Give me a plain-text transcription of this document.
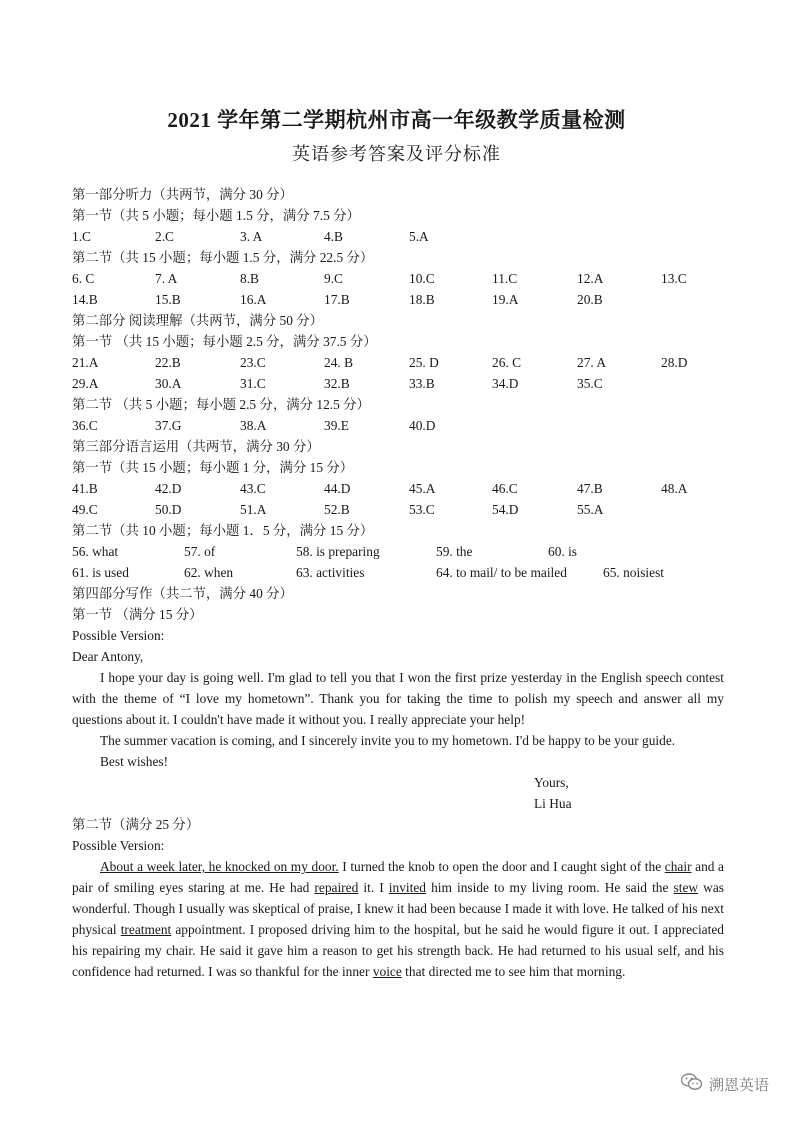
2021 学年第二学期杭州市高一年级教学质量检测
英语参考答案及评分标准
第一部分听力（共两节，满分 30 分）
第一节（共 5 小题；每小题 1.5 分，满分 7.5 分）
1.C	2.C	3. A	4.B	5.A
第二节（共 15 小题；每小题 1.5 分，满分 22.5 分）
6. C	7. A	8.B	9.C	10.C	11.C	12.A	13.C
14.B	15.B	16.A	17.B	18.B	19.A	20.B
第二部分 阅读理解（共两节，满分 50 分）
第一节 （共 15 小题；每小题 2.5 分，满分 37.5 分）
21.A	22.B	23.C	24. B	25. D	26. C	27. A	28.D
29.A	30.A	31.C	32.B	33.B	34.D	35.C
第二节 （共 5 小题；每小题 2.5 分，满分 12.5 分）
36.C	37.G	38.A	39.E	40.D
第三部分语言运用（共两节，满分 30 分）
第一节（共 15 小题；每小题 1 分，满分 15 分）
41.B	42.D	43.C	44.D	45.A	46.C	47.B	48.A
49.C	50.D	51.A	52.B	53.C	54.D	55.A
第二节（共 10 小题；每小题 1．5 分，满分 15 分）
56. what	57. of	58. is preparing	59. the	60. is
61. is used	62. when	63. activities	64. to mail/ to be mailed	65. noisiest
第四部分写作（共二节，满分 40 分）
第一节 （满分 15 分）
Possible Version:
Dear Antony,

I hope your day is going well. I'm glad to tell you that I won the first prize yesterday in the English speech contest with the theme of “I love my hometown”. Thank you for taking the time to polish my speech and answer all my questions about it. I couldn't have made it without you. I really appreciate your help!

The summer vacation is coming, and I sincerely invite you to my hometown. I'd be happy to be your guide.

Best wishes!
Yours,
Li Hua
第二节（满分 25 分）
Possible Version:

About a week later, he knocked on my door. I turned the knob to open the door and I caught sight of the chair and a pair of smiling eyes staring at me. He had repaired it. I invited him inside to my living room. He said the stew was wonderful. Though I usually was skeptical of praise, I knew it had been because I made it with love. He talked of his next physical treatment appointment. I proposed driving him to the hospital, but he said he would figure it out. I appreciated his repairing my chair. He said it gave him a reason to get his strength back. He had returned to his usual self, and his confidence had returned. I was so thankful for the inner voice that directed me to see him that morning.

溯恩英语
